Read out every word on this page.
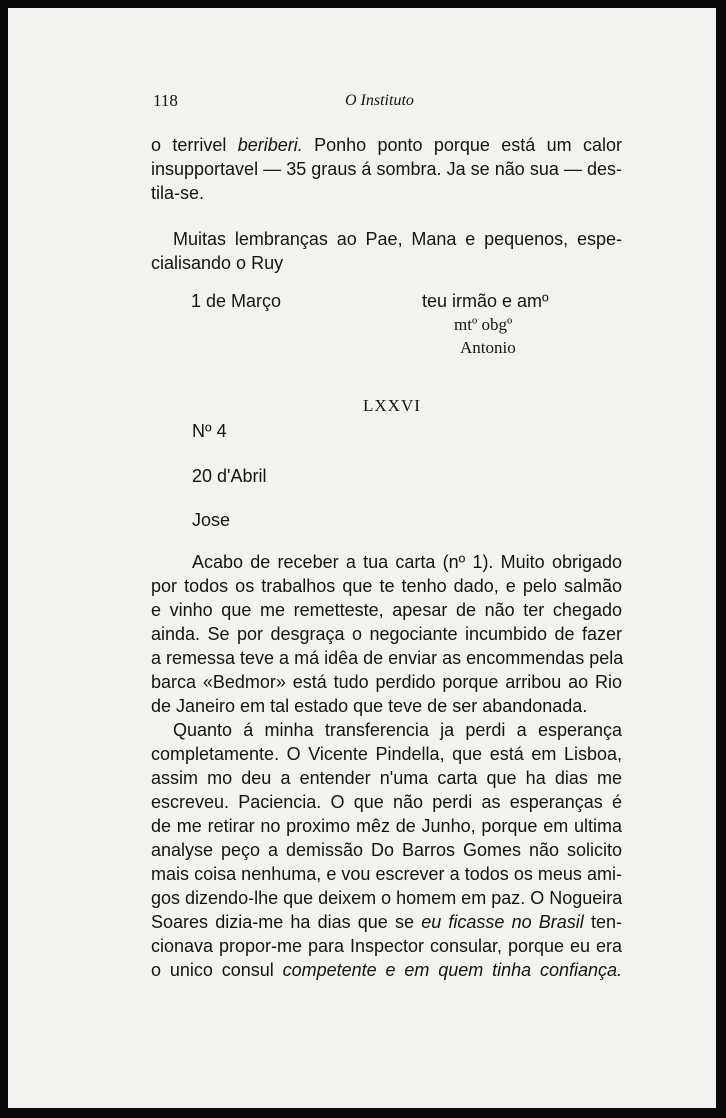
118	O Instituto
o terrivel beriberi. Ponho ponto porque está um calor
insupportavel — 35 graus á sombra. Ja se não sua — des-
tila-se.
Muitas lembranças ao Pae, Mana e pequenos, espe-
cialisando o Ruy
1 de Março	teu irmão e amº
mtº obgº
Antonio
LXXVI
Nº 4
20 d'Abril
Jose
Acabo de receber a tua carta (nº 1). Muito obrigado
por todos os trabalhos que te tenho dado, e pelo salmão
e vinho que me remetteste, apesar de não ter chegado
ainda. Se por desgraça o negociante incumbido de fazer
a remessa teve a má idêa de enviar as encommendas pela
barca «Bedmor» está tudo perdido porque arribou ao Rio
de Janeiro em tal estado que teve de ser abandonada.
Quanto á minha transferencia ja perdi a esperança
completamente. O Vicente Pindella, que está em Lisboa,
assim mo deu a entender n'uma carta que ha dias me
escreveu. Paciencia. O que não perdi as esperanças é
de me retirar no proximo mêz de Junho, porque em ultima
analyse peço a demissão Do Barros Gomes não solicito
mais coisa nenhuma, e vou escrever a todos os meus ami-
gos dizendo-lhe que deixem o homem em paz. O Nogueira
Soares dizia-me ha dias que se eu ficasse no Brasil ten-
cionava propor-me para Inspector consular, porque eu era
o unico consul competente e em quem tinha confiança.
